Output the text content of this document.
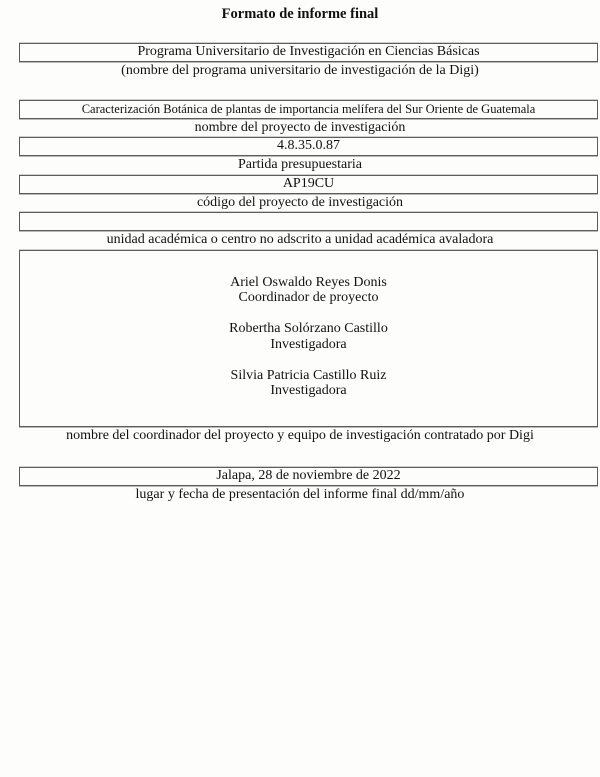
Formato de informe final
Programa Universitario de Investigación en Ciencias Básicas
(nombre del programa universitario de investigación de la Digi)
Caracterización Botánica de plantas de importancia melífera del Sur Oriente de Guatemala
nombre del proyecto de investigación
4.8.35.0.87
Partida presupuestaria
AP19CU
código del proyecto de investigación
unidad académica o centro no adscrito a unidad académica avaladora
Ariel Oswaldo Reyes Donis
Coordinador de proyecto

Robertha Solórzano Castillo
Investigadora

Silvia Patricia Castillo Ruiz
Investigadora
nombre del coordinador del proyecto y equipo de investigación contratado por Digi
Jalapa, 28 de noviembre de 2022
lugar y fecha de presentación del informe final dd/mm/año
